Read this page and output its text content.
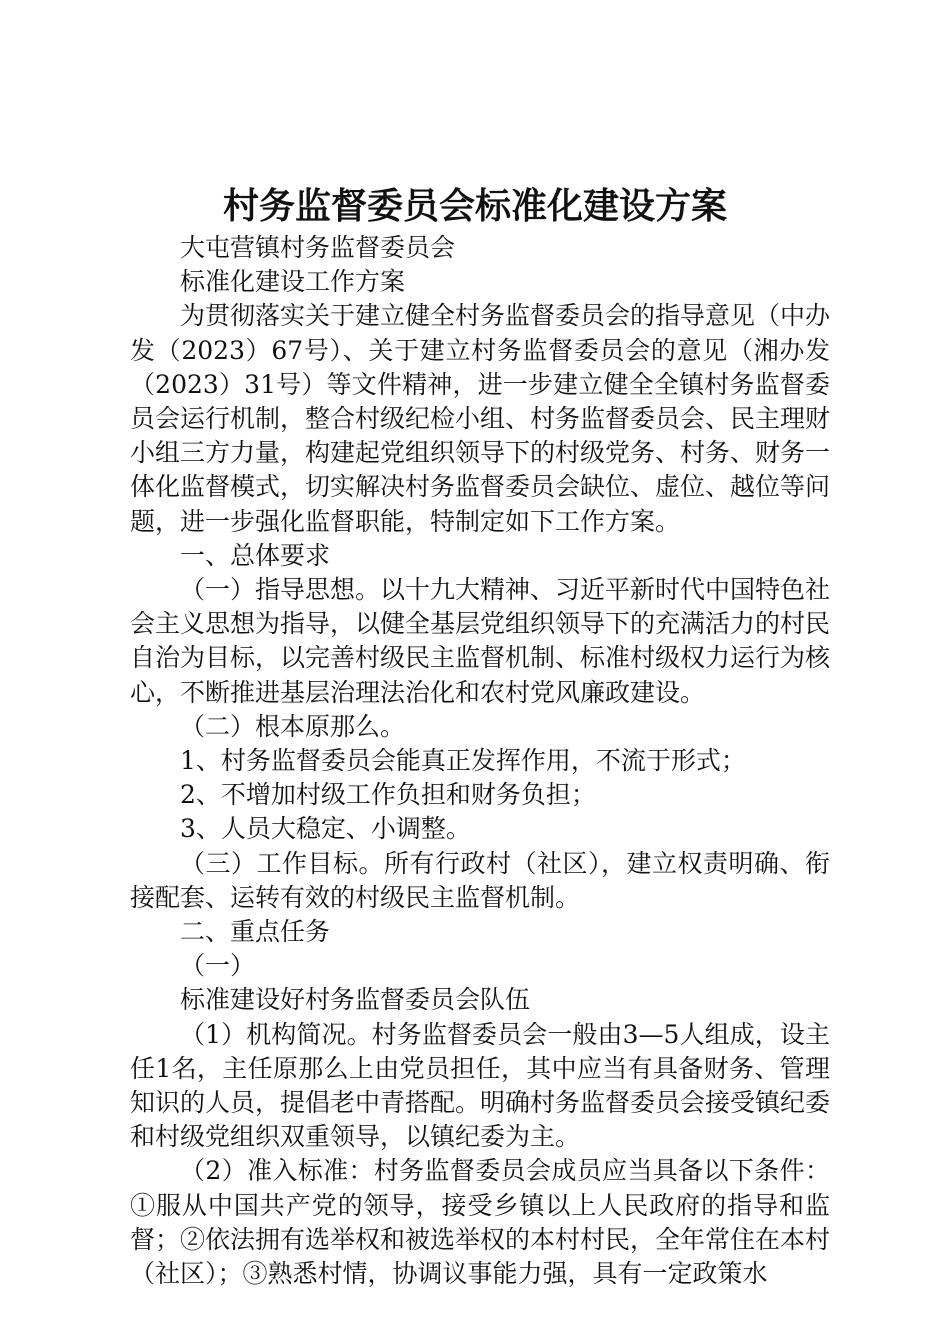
村务监督委员会标准化建设方案

大屯营镇村务监督委员会

标准化建设工作方案

为贯彻落实关于建立健全村务监督委员会的指导意见（中办发（2023）67号）、关于建立村务监督委员会的意见（湘办发（2023）31号）等文件精神，进一步建立健全全镇村务监督委员会运行机制，整合村级纪检小组、村务监督委员会、民主理财小组三方力量，构建起党组织领导下的村级党务、村务、财务一体化监督模式，切实解决村务监督委员会缺位、虚位、越位等问题，进一步强化监督职能，特制定如下工作方案。

一、总体要求

（一）指导思想。以十九大精神、习近平新时代中国特色社会主义思想为指导，以健全基层党组织领导下的充满活力的村民自治为目标，以完善村级民主监督机制、标准村级权力运行为核心，不断推进基层治理法治化和农村党风廉政建设。

（二）根本原那么。

1、村务监督委员会能真正发挥作用，不流于形式；

2、不增加村级工作负担和财务负担；

3、人员大稳定、小调整。

（三）工作目标。所有行政村（社区），建立权责明确、衔接配套、运转有效的村级民主监督机制。

二、重点任务

（一）

标准建设好村务监督委员会队伍

（1）机构简况。村务监督委员会一般由3—5人组成，设主任1名，主任原那么上由党员担任，其中应当有具备财务、管理知识的人员，提倡老中青搭配。明确村务监督委员会接受镇纪委和村级党组织双重领导，以镇纪委为主。

（2）准入标准：村务监督委员会成员应当具备以下条件：①服从中国共产党的领导，接受乡镇以上人民政府的指导和监督；②依法拥有选举权和被选举权的本村村民，全年常住在本村（社区）；③熟悉村情，协调议事能力强，具有一定政策水
